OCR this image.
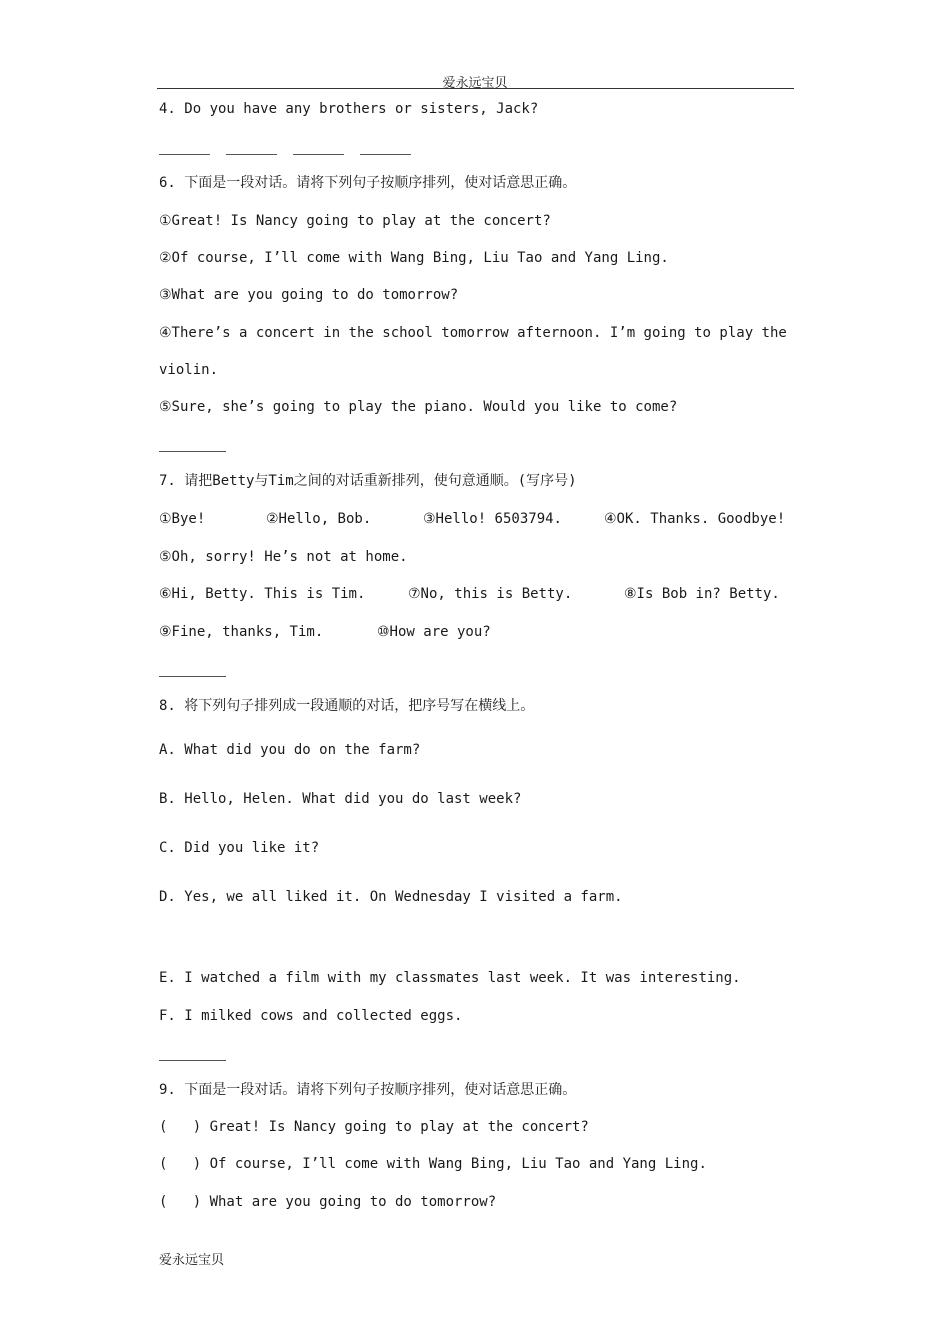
爱永远宝贝
4. Do you have any brothers or sisters, Jack?
6. 下面是一段对话。请将下列句子按顺序排列，使对话意思正确。
①Great! Is Nancy going to play at the concert?
②Of course, I’ll come with Wang Bing, Liu Tao and Yang Ling.
③What are you going to do tomorrow?
④There’s a concert in the school tomorrow afternoon. I’m going to play the
violin.
⑤Sure, she’s going to play the piano. Would you like to come?
7. 请把Betty与Tim之间的对话重新排列，使句意通顺。(写序号)
①Bye!	②Hello, Bob.	③Hello! 6503794.	④OK. Thanks. Goodbye!
⑤Oh, sorry! He’s not at home.
⑥Hi, Betty. This is Tim.	⑦No, this is Betty.	⑧Is Bob in? Betty.
⑨Fine, thanks, Tim.	⑩How are you?
8. 将下列句子排列成一段通顺的对话，把序号写在横线上。
A. What did you do on the farm?
B. Hello, Helen. What did you do last week?
C. Did you like it?
D. Yes, we all liked it. On Wednesday I visited a farm.
E. I watched a film with my classmates last week. It was interesting.
F. I milked cows and collected eggs.
9. 下面是一段对话。请将下列句子按顺序排列，使对话意思正确。
(   ) Great! Is Nancy going to play at the concert?
(   ) Of course, I’ll come with Wang Bing, Liu Tao and Yang Ling.
(   ) What are you going to do tomorrow?
爱永远宝贝
